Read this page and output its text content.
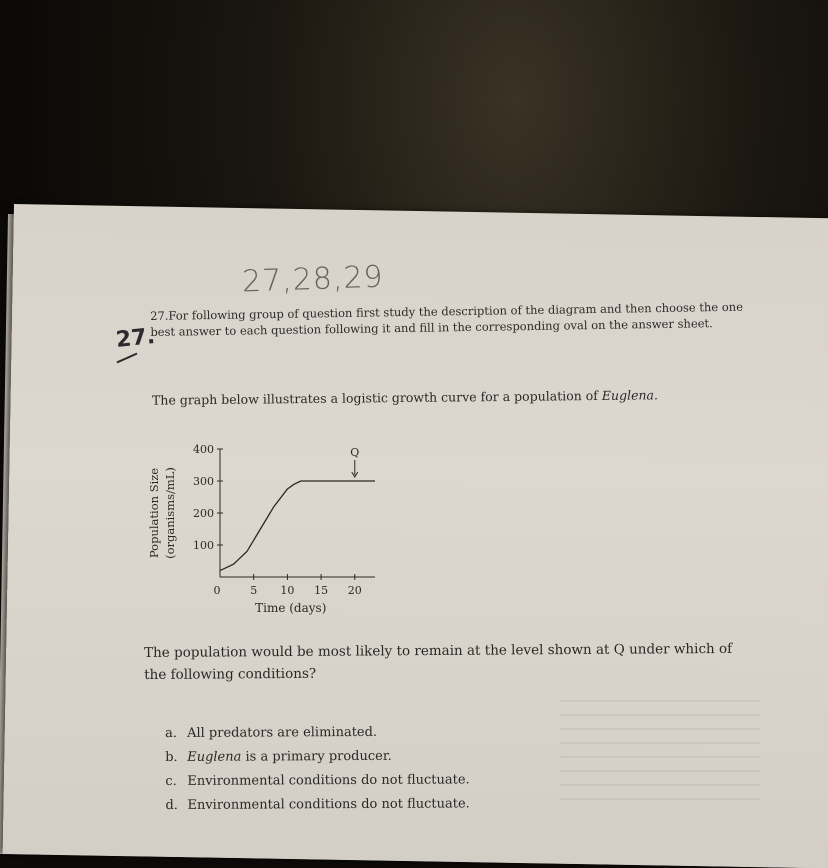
27,28,29
27.
27.For following group of question first study the description of the diagram and then choose the one
best answer to each question following it and fill in the corresponding oval on the answer sheet.
The graph below illustrates a logistic growth curve for a population of Euglena.
100
200
300
400
0	5 10 15 20
Q
Population Size (organisms/mL)
Time (days)
The population would be most likely to remain at the level shown at Q under which of the following conditions?
a. All predators are eliminated.
b. Euglena is a primary producer.
c. Environmental conditions do not fluctuate.
d. Environmental conditions do not fluctuate.
